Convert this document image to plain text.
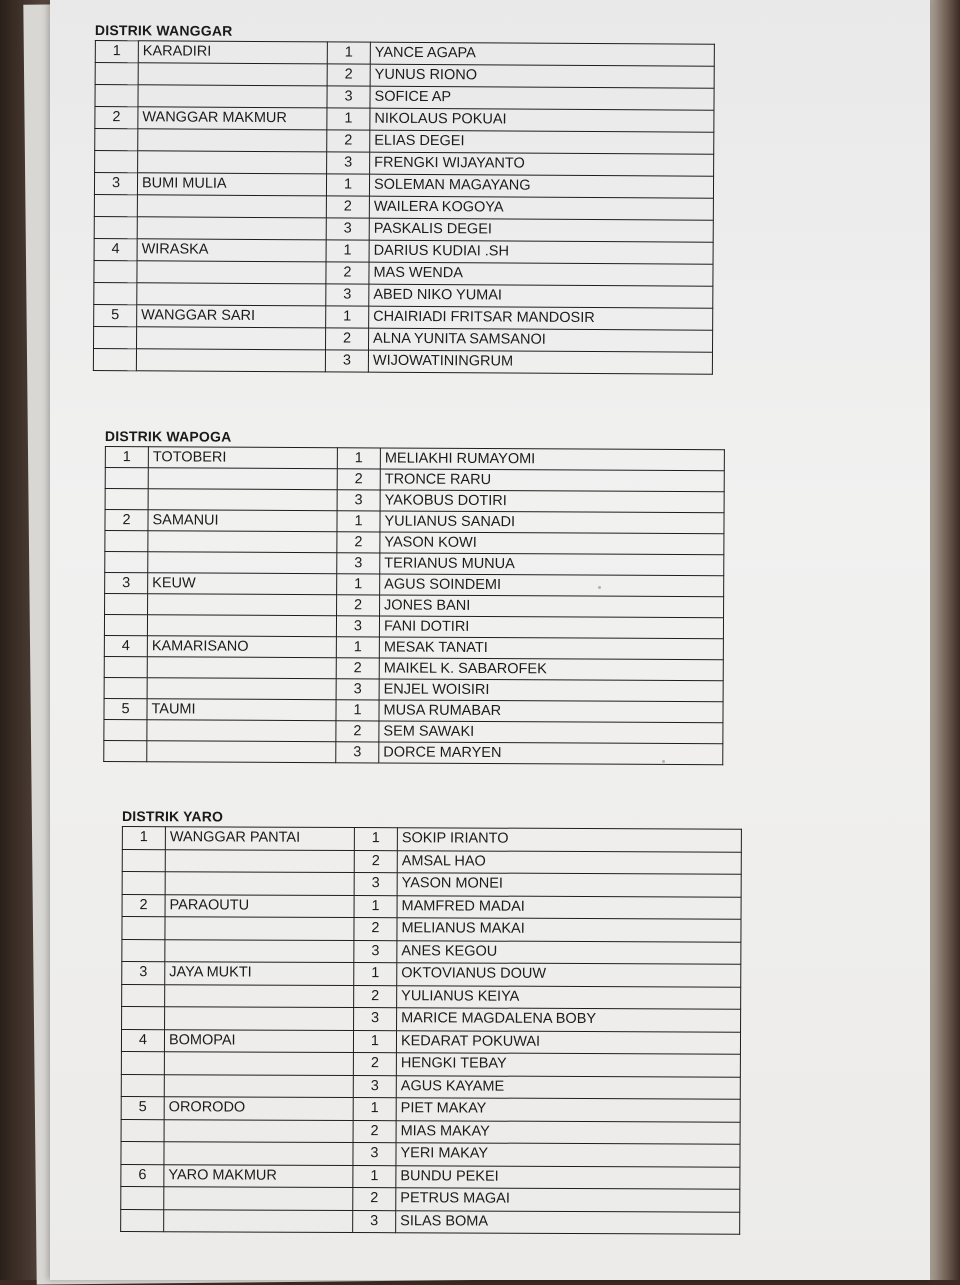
DISTRIK WANGGAR
1	KARADIRI	1	YANCE AGAPA
		2	YUNUS RIONO
		3	SOFICE AP
2	WANGGAR MAKMUR	1	NIKOLAUS POKUAI
		2	ELIAS DEGEI
		3	FRENGKI WIJAYANTO
3	BUMI MULIA	1	SOLEMAN MAGAYANG
		2	WAILERA KOGOYA
		3	PASKALIS DEGEI
4	WIRASKA	1	DARIUS KUDIAI .SH
		2	MAS WENDA
		3	ABED NIKO YUMAI
5	WANGGAR SARI	1	CHAIRIADI FRITSAR MANDOSIR
		2	ALNA YUNITA SAMSANOI
		3	WIJOWATININGRUM
DISTRIK WAPOGA
1	TOTOBERI	1	MELIAKHI RUMAYOMI
		2	TRONCE RARU
		3	YAKOBUS DOTIRI
2	SAMANUI	1	YULIANUS SANADI
		2	YASON KOWI
		3	TERIANUS MUNUA
3	KEUW	1	AGUS SOINDEMI
		2	JONES BANI
		3	FANI DOTIRI
4	KAMARISANO	1	MESAK TANATI
		2	MAIKEL K. SABAROFEK
		3	ENJEL WOISIRI
5	TAUMI	1	MUSA RUMABAR
		2	SEM SAWAKI
		3	DORCE MARYEN
DISTRIK YARO
1	WANGGAR PANTAI	1	SOKIP IRIANTO
		2	AMSAL HAO
		3	YASON MONEI
2	PARAOUTU	1	MAMFRED MADAI
		2	MELIANUS MAKAI
		3	ANES KEGOU
3	JAYA MUKTI	1	OKTOVIANUS DOUW
		2	YULIANUS KEIYA
		3	MARICE MAGDALENA BOBY
4	BOMOPAI	1	KEDARAT POKUWAI
		2	HENGKI TEBAY
		3	AGUS KAYAME
5	ORORODO	1	PIET MAKAY
		2	MIAS MAKAY
		3	YERI MAKAY
6	YARO MAKMUR	1	BUNDU PEKEI
		2	PETRUS MAGAI
		3	SILAS BOMA
